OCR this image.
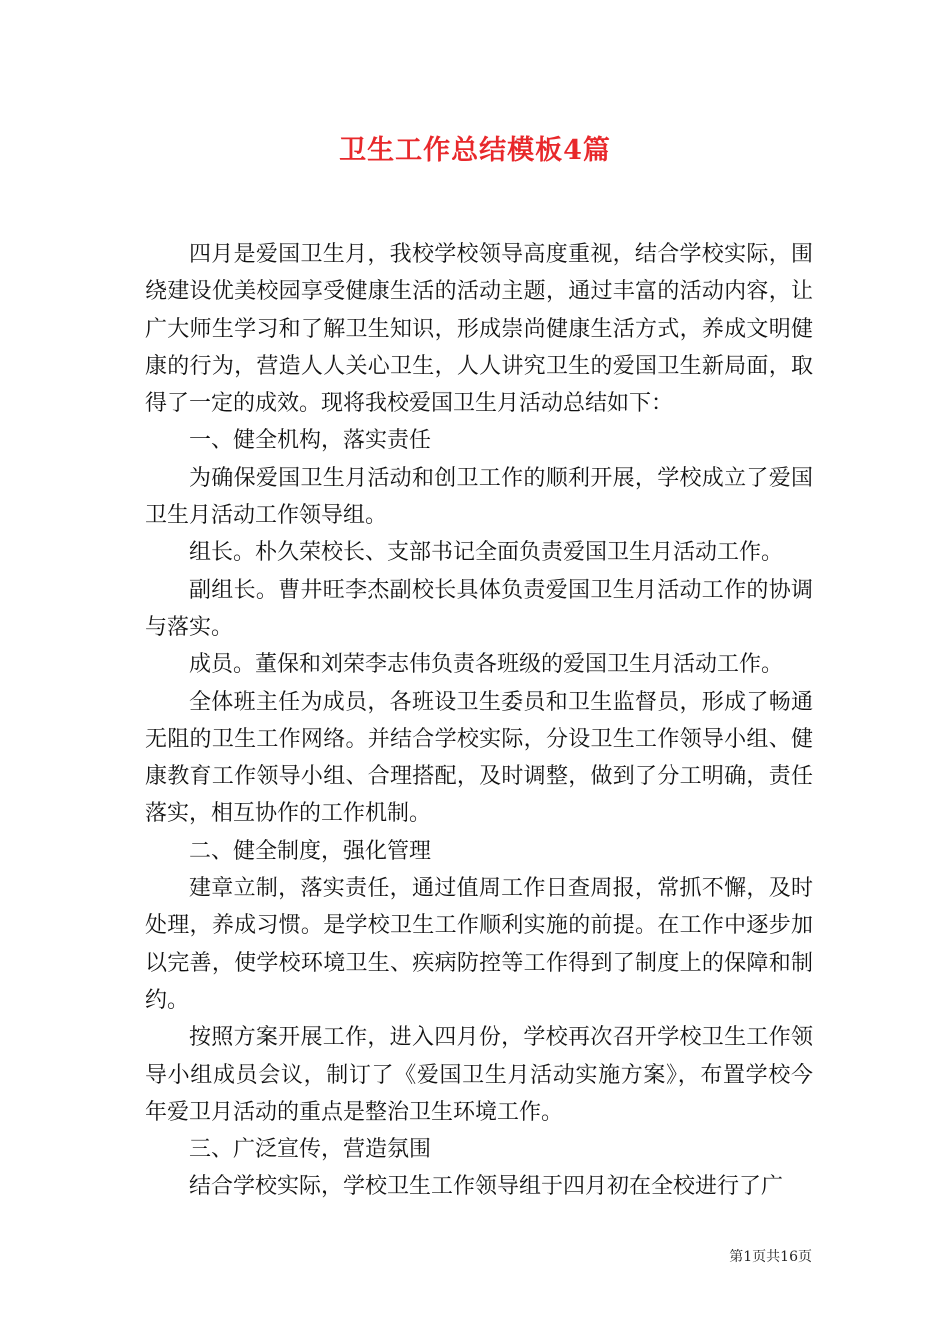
卫生工作总结模板4篇

四月是爱国卫生月，我校学校领导高度重视，结合学校实际，围绕建设优美校园享受健康生活的活动主题，通过丰富的活动内容，让广大师生学习和了解卫生知识，形成崇尚健康生活方式，养成文明健康的行为，营造人人关心卫生，人人讲究卫生的爱国卫生新局面，取得了一定的成效。现将我校爱国卫生月活动总结如下：

一、健全机构，落实责任

为确保爱国卫生月活动和创卫工作的顺利开展，学校成立了爱国卫生月活动工作领导组。

组长。朴久荣校长、支部书记全面负责爱国卫生月活动工作。

副组长。曹井旺李杰副校长具体负责爱国卫生月活动工作的协调与落实。

成员。董保和刘荣李志伟负责各班级的爱国卫生月活动工作。

全体班主任为成员，各班设卫生委员和卫生监督员，形成了畅通无阻的卫生工作网络。并结合学校实际，分设卫生工作领导小组、健康教育工作领导小组、合理搭配，及时调整，做到了分工明确，责任落实，相互协作的工作机制。

二、健全制度，强化管理

建章立制，落实责任，通过值周工作日查周报，常抓不懈，及时处理，养成习惯。是学校卫生工作顺利实施的前提。在工作中逐步加以完善，使学校环境卫生、疾病防控等工作得到了制度上的保障和制约。

按照方案开展工作，进入四月份，学校再次召开学校卫生工作领导小组成员会议，制订了《爱国卫生月活动实施方案》，布置学校今年爱卫月活动的重点是整治卫生环境工作。

三、广泛宣传，营造氛围

结合学校实际，学校卫生工作领导组于四月初在全校进行了广

第1页共16页
